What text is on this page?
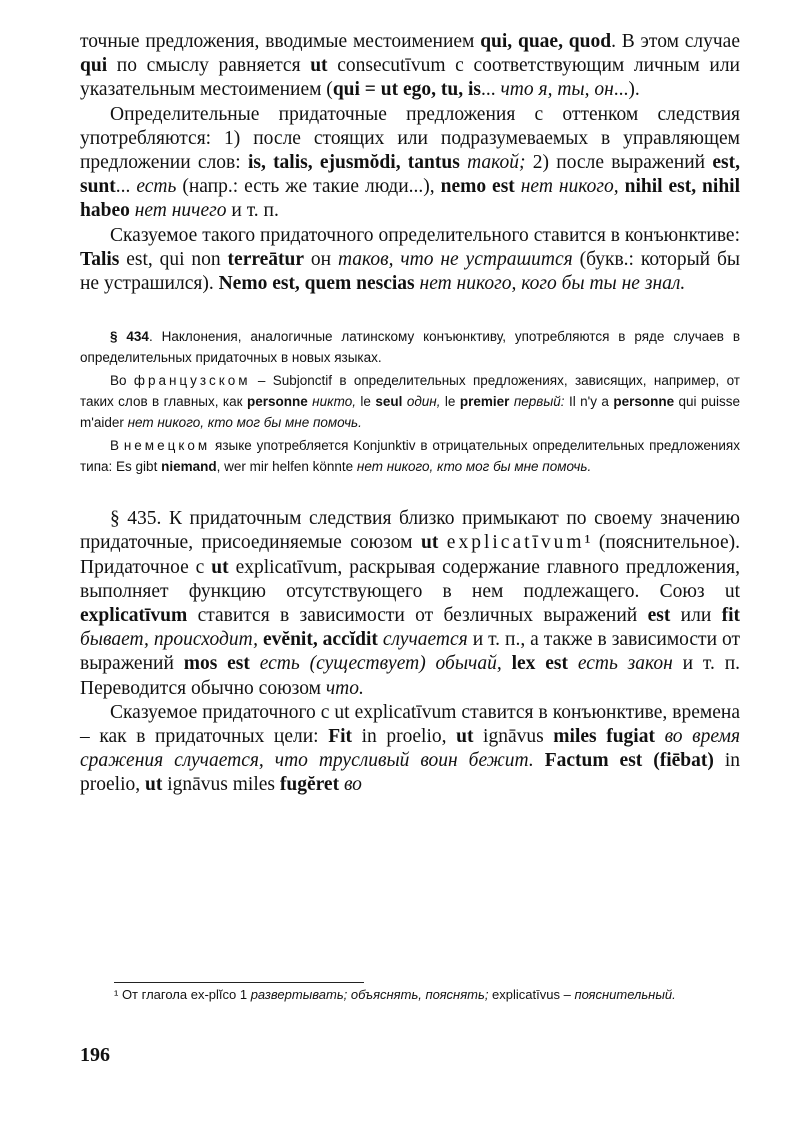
точные предложения, вводимые местоимением qui, quae, quod. В этом случае qui по смыслу равняется ut consecutīvum с соответствующим личным или указательным местоимением (qui = ut ego, tu, is... что я, ты, он...).

Определительные придаточные предложения с оттенком следствия употребляются: 1) после стоящих или подразумеваемых в управляющем предложении слов: is, talis, ejusmŏdi, tantus такой; 2) после выражений est, sunt... есть (напр.: есть же такие люди...), nemo est нет никого, nihil est, nihil habeo нет ничего и т. п.

Сказуемое такого придаточного определительного ставится в конъюнктиве: Talis est, qui non terreātur он таков, что не устрашится (букв.: который бы не устрашился). Nemo est, quem nescias нет никого, кого бы ты не знал.

§ 434. Наклонения, аналогичные латинскому конъюнктиву, употребляются в ряде случаев в определительных придаточных в новых языках.

Во французском – Subjonctif в определительных предложениях, зависящих, например, от таких слов в главных, как personne никто, le seul один, le premier первый: Il n'y a personne qui puisse m'aider нет никого, кто мог бы мне помочь.

В немецком языке употребляется Konjunktiv в отрицательных определительных предложениях типа: Es gibt niemand, wer mir helfen könnte нет никого, кто мог бы мне помочь.

§ 435. К придаточным следствия близко примыкают по своему значению придаточные, присоединяемые союзом ut explicatīvum¹ (пояснительное). Придаточное с ut explicatīvum, раскрывая содержание главного предложения, выполняет функцию отсутствующего в нем подлежащего. Союз ut explicatīvum ставится в зависимости от безличных выражений est или fit бывает, происходит, evĕnit, accĭdit случается и т. п., а также в зависимости от выражений mos est есть (существует) обычай, lex est есть закон и т. п. Переводится обычно союзом что.

Сказуемое придаточного с ut explicatīvum ставится в конъюнктиве, времена – как в придаточных цели: Fit in proelio, ut ignāvus miles fugiat во время сражения случается, что трусливый воин бежит. Factum est (fiēbat) in proelio, ut ignāvus miles fugĕret во

¹ От глагола ex-plĭco 1 развертывать; объяснять, пояснять; explicatīvus – пояснительный.
196
